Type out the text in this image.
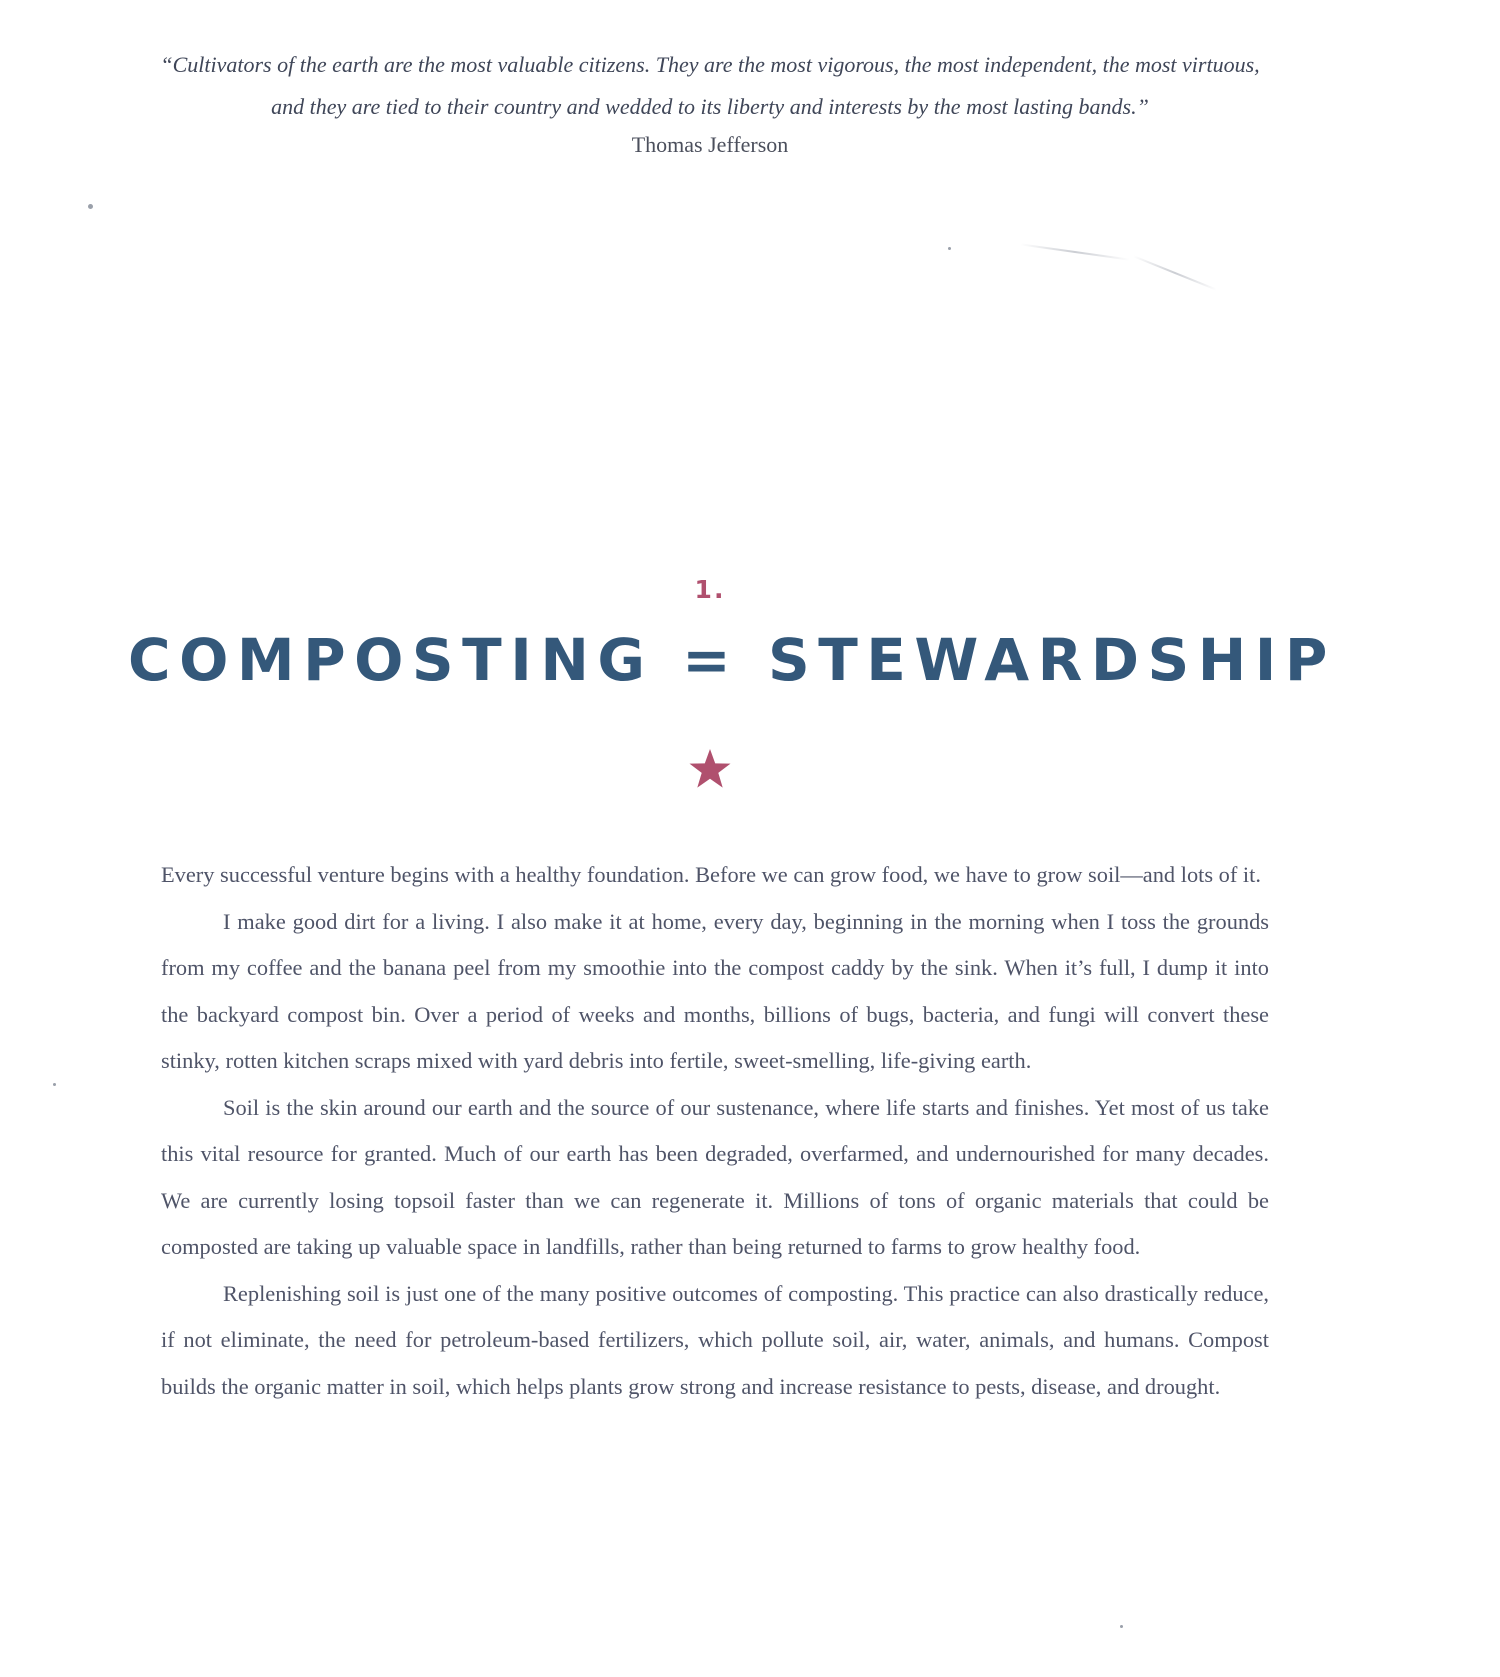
“Cultivators of the earth are the most valuable citizens. They are the most vigorous, the most independent, the most virtuous, and they are tied to their country and wedded to its liberty and interests by the most lasting bands.”

Thomas Jefferson

1.
COMPOSTING = STEWARDSHIP

Every successful venture begins with a healthy foundation. Before we can grow food, we have to grow soil—and lots of it.

I make good dirt for a living. I also make it at home, every day, beginning in the morning when I toss the grounds from my coffee and the banana peel from my smoothie into the compost caddy by the sink. When it’s full, I dump it into the backyard compost bin. Over a period of weeks and months, billions of bugs, bacteria, and fungi will convert these stinky, rotten kitchen scraps mixed with yard debris into fertile, sweet-smelling, life-giving earth.

Soil is the skin around our earth and the source of our sustenance, where life starts and finishes. Yet most of us take this vital resource for granted. Much of our earth has been degraded, overfarmed, and undernourished for many decades. We are currently losing topsoil faster than we can regenerate it. Millions of tons of organic materials that could be composted are taking up valuable space in landfills, rather than being returned to farms to grow healthy food.

Replenishing soil is just one of the many positive outcomes of composting. This practice can also drastically reduce, if not eliminate, the need for petroleum-based fertilizers, which pollute soil, air, water, animals, and humans. Compost builds the organic matter in soil, which helps plants grow strong and increase resistance to pests, disease, and drought.
